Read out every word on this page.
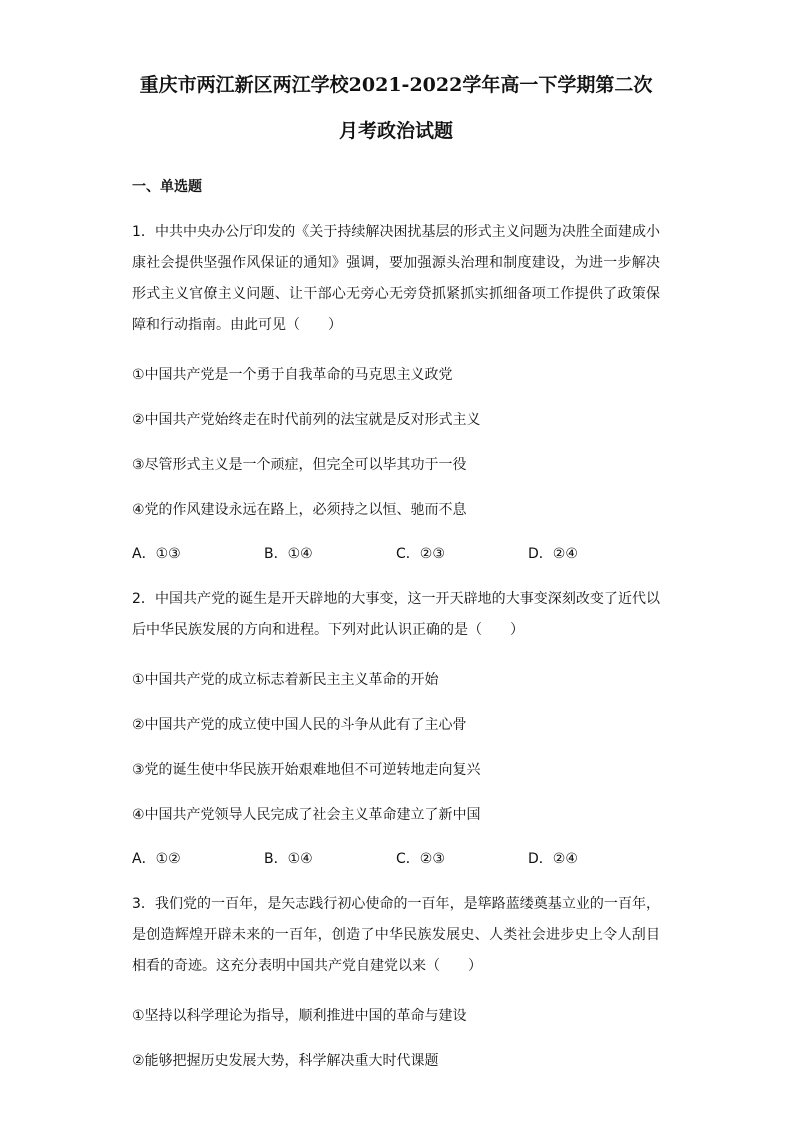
重庆市两江新区两江学校2021-2022学年高一下学期第二次
月考政治试题
一、单选题
1．中共中央办公厅印发的《关于持续解决困扰基层的形式主义问题为决胜全面建成小康社会提供坚强作风保证的通知》强调，要加强源头治理和制度建设，为进一步解决形式主义官僚主义问题、让干部心无旁心无旁贷抓紧抓实抓细备项工作提供了政策保障和行动指南。由此可见（　　）
①中国共产党是一个勇于自我革命的马克思主义政党
②中国共产党始终走在时代前列的法宝就是反对形式主义
③尽管形式主义是一个顽症，但完全可以毕其功于一役
④党的作风建设永远在路上，必须持之以恒、驰而不息
A．①③	B．①④	C．②③	D．②④
2．中国共产党的诞生是开天辟地的大事变，这一开天辟地的大事变深刻改变了近代以后中华民族发展的方向和进程。下列对此认识正确的是（　　）
①中国共产党的成立标志着新民主主义革命的开始
②中国共产党的成立使中国人民的斗争从此有了主心骨
③党的诞生使中华民族开始艰难地但不可逆转地走向复兴
④中国共产党领导人民完成了社会主义革命建立了新中国
A．①②	B．①④	C．②③	D．②④
3．我们党的一百年，是矢志践行初心使命的一百年，是筚路蓝缕奠基立业的一百年，是创造辉煌开辟未来的一百年，创造了中华民族发展史、人类社会进步史上令人刮目相看的奇迹。这充分表明中国共产党自建党以来（　　）
①坚持以科学理论为指导，顺利推进中国的革命与建设
②能够把握历史发展大势，科学解决重大时代课题
